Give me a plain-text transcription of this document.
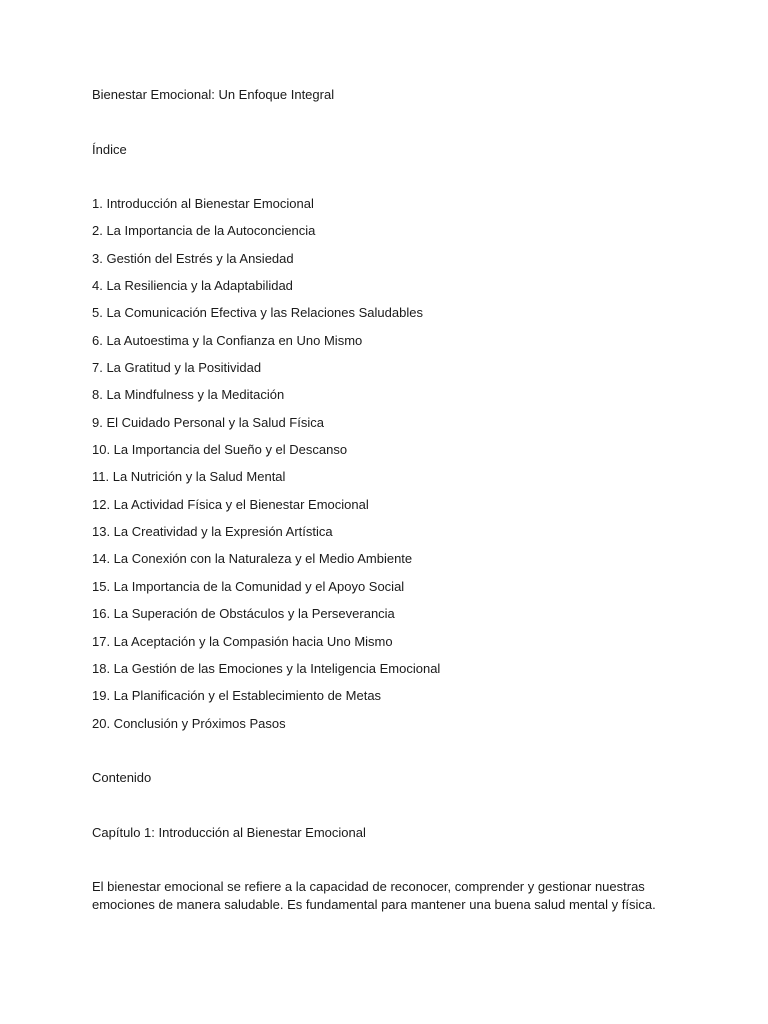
Bienestar Emocional: Un Enfoque Integral
Índice
1. Introducción al Bienestar Emocional
2. La Importancia de la Autoconciencia
3. Gestión del Estrés y la Ansiedad
4. La Resiliencia y la Adaptabilidad
5. La Comunicación Efectiva y las Relaciones Saludables
6. La Autoestima y la Confianza en Uno Mismo
7. La Gratitud y la Positividad
8. La Mindfulness y la Meditación
9. El Cuidado Personal y la Salud Física
10. La Importancia del Sueño y el Descanso
11. La Nutrición y la Salud Mental
12. La Actividad Física y el Bienestar Emocional
13. La Creatividad y la Expresión Artística
14. La Conexión con la Naturaleza y el Medio Ambiente
15. La Importancia de la Comunidad y el Apoyo Social
16. La Superación de Obstáculos y la Perseverancia
17. La Aceptación y la Compasión hacia Uno Mismo
18. La Gestión de las Emociones y la Inteligencia Emocional
19. La Planificación y el Establecimiento de Metas
20. Conclusión y Próximos Pasos
Contenido
Capítulo 1: Introducción al Bienestar Emocional

El bienestar emocional se refiere a la capacidad de reconocer, comprender y gestionar nuestras emociones de manera saludable. Es fundamental para mantener una buena salud mental y física.
